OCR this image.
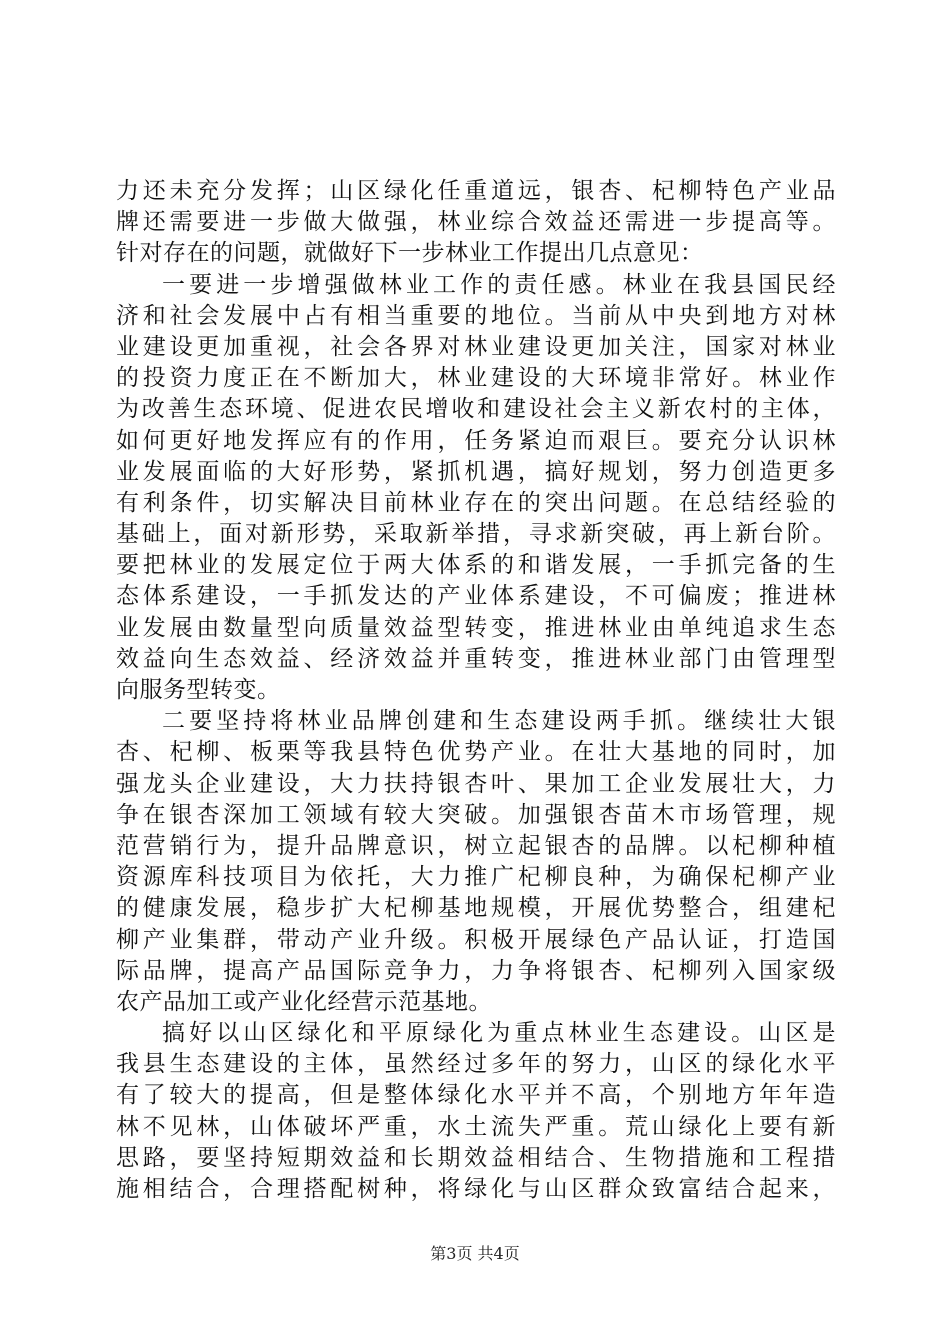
力还未充分发挥；山区绿化任重道远，银杏、杞柳特色产业品
牌还需要进一步做大做强，林业综合效益还需进一步提高等。
针对存在的问题，就做好下一步林业工作提出几点意见：
一要进一步增强做林业工作的责任感。林业在我县国民经
济和社会发展中占有相当重要的地位。当前从中央到地方对林
业建设更加重视，社会各界对林业建设更加关注，国家对林业
的投资力度正在不断加大，林业建设的大环境非常好。林业作
为改善生态环境、促进农民增收和建设社会主义新农村的主体，
如何更好地发挥应有的作用，任务紧迫而艰巨。要充分认识林
业发展面临的大好形势，紧抓机遇，搞好规划，努力创造更多
有利条件，切实解决目前林业存在的突出问题。在总结经验的
基础上，面对新形势，采取新举措，寻求新突破，再上新台阶。
要把林业的发展定位于两大体系的和谐发展，一手抓完备的生
态体系建设，一手抓发达的产业体系建设，不可偏废；推进林
业发展由数量型向质量效益型转变，推进林业由单纯追求生态
效益向生态效益、经济效益并重转变，推进林业部门由管理型
向服务型转变。
二要坚持将林业品牌创建和生态建设两手抓。继续壮大银
杏、杞柳、板栗等我县特色优势产业。在壮大基地的同时，加
强龙头企业建设，大力扶持银杏叶、果加工企业发展壮大，力
争在银杏深加工领域有较大突破。加强银杏苗木市场管理，规
范营销行为，提升品牌意识，树立起银杏的品牌。以杞柳种植
资源库科技项目为依托，大力推广杞柳良种，为确保杞柳产业
的健康发展，稳步扩大杞柳基地规模，开展优势整合，组建杞
柳产业集群，带动产业升级。积极开展绿色产品认证，打造国
际品牌，提高产品国际竞争力，力争将银杏、杞柳列入国家级
农产品加工或产业化经营示范基地。
搞好以山区绿化和平原绿化为重点林业生态建设。山区是
我县生态建设的主体，虽然经过多年的努力，山区的绿化水平
有了较大的提高，但是整体绿化水平并不高，个别地方年年造
林不见林，山体破坏严重，水土流失严重。荒山绿化上要有新
思路，要坚持短期效益和长期效益相结合、生物措施和工程措
施相结合，合理搭配树种，将绿化与山区群众致富结合起来，
第3页 共4页
